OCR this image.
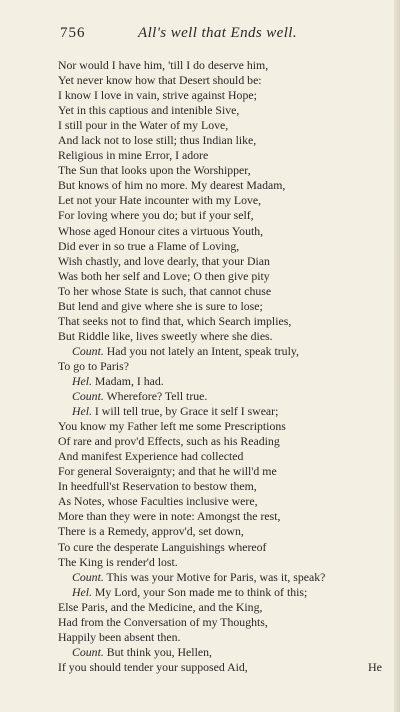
756	All's well that Ends well.
Nor would I have him, 'till I do deserve him,
Yet never know how that Desert should be:
I know I love in vain, strive against Hope;
Yet in this captious and intenible Sive,
I still pour in the Water of my Love,
And lack not to lose still; thus Indian like,
Religious in mine Error, I adore
The Sun that looks upon the Worshipper,
But knows of him no more. My dearest Madam,
Let not your Hate incounter with my Love,
For loving where you do; but if your self,
Whose aged Honour cites a virtuous Youth,
Did ever in so true a Flame of Loving,
Wish chastly, and love dearly, that your Dian
Was both her self and Love; O then give pity
To her whose State is such, that cannot chuse
But lend and give where she is sure to lose;
That seeks not to find that, which Search implies,
But Riddle like, lives sweetly where she dies.
Count. Had you not lately an Intent, speak truly,
To go to Paris?
Hel. Madam, I had.
Count. Wherefore? Tell true.
Hel. I will tell true, by Grace it self I swear;
You know my Father left me some Prescriptions
Of rare and prov'd Effects, such as his Reading
And manifest Experience had collected
For general Soveraignty; and that he will'd me
In heedfull'st Reservation to bestow them,
As Notes, whose Faculties inclusive were,
More than they were in note: Amongst the rest,
There is a Remedy, approv'd, set down,
To cure the desperate Languishings whereof
The King is render'd lost.
Count. This was your Motive for Paris, was it, speak?
Hel. My Lord, your Son made me to think of this;
Else Paris, and the Medicine, and the King,
Had from the Conversation of my Thoughts,
Happily been absent then.
Count. But think you, Hellen,
If you should tender your supposed Aid,	He
